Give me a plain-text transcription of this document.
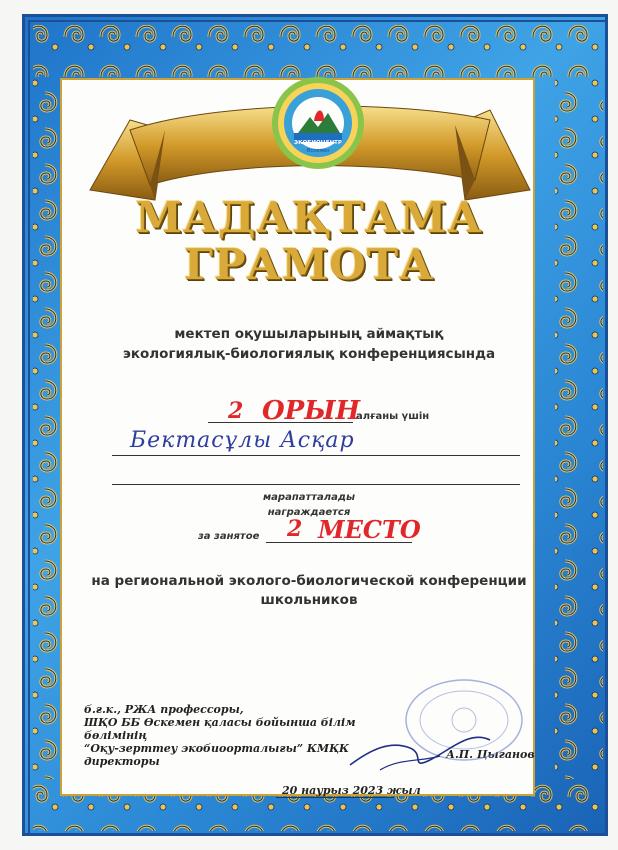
ЭКОБИОЦЕНТР
Өскемен
МАДАҚТАМА
ГРАМОТА
мектеп оқушыларының аймақтық
экологиялық-биологиялық конференциясында
2 ОРЫН
алғаны үшін
Бектасұлы Асқар
марапатталады
награждается
за занятое 2 МЕСТО
на региональной эколого-биологической конференции
школьников
б.ғ.к., РЖА профессоры,
ШҚО ББ Өскемен қаласы бойынша білім бөлімінің
“Оқу-зерттеу экобиоорталығы” КМҚК
директоры
А.П. Цыганов
20 наурыз 2023 жыл
